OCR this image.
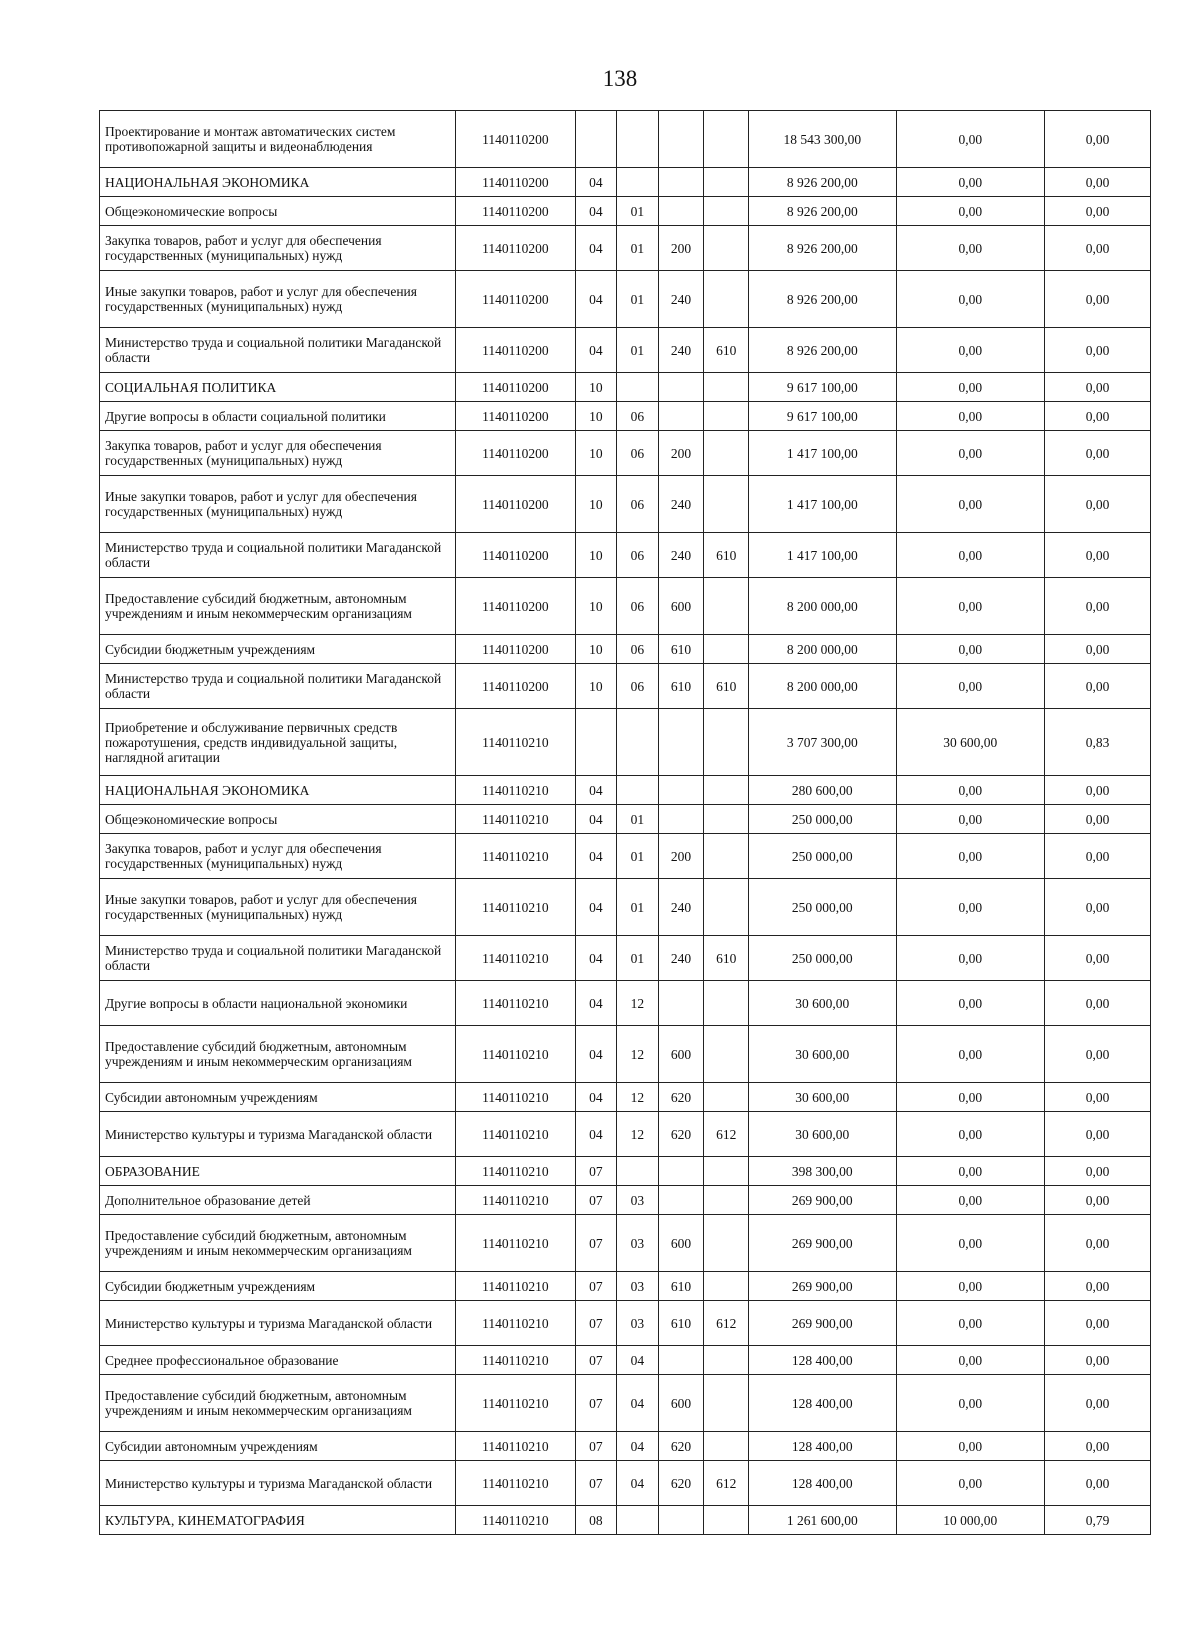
138
Проектирование и монтаж автоматических систем противопожарной защиты и видеонаблюдения	1140110200					18 543 300,00	0,00	0,00
НАЦИОНАЛЬНАЯ ЭКОНОМИКА	1140110200	04				8 926 200,00	0,00	0,00
Общеэкономические вопросы	1140110200	04	01			8 926 200,00	0,00	0,00
Закупка товаров, работ и услуг для обеспечения государственных (муниципальных) нужд	1140110200	04	01	200		8 926 200,00	0,00	0,00
Иные закупки товаров, работ и услуг для обеспечения государственных (муниципальных) нужд	1140110200	04	01	240		8 926 200,00	0,00	0,00
Министерство труда и социальной политики Магаданской области	1140110200	04	01	240	610	8 926 200,00	0,00	0,00
СОЦИАЛЬНАЯ ПОЛИТИКА	1140110200	10				9 617 100,00	0,00	0,00
Другие вопросы в области социальной политики	1140110200	10	06			9 617 100,00	0,00	0,00
Закупка товаров, работ и услуг для обеспечения государственных (муниципальных) нужд	1140110200	10	06	200		1 417 100,00	0,00	0,00
Иные закупки товаров, работ и услуг для обеспечения государственных (муниципальных) нужд	1140110200	10	06	240		1 417 100,00	0,00	0,00
Министерство труда и социальной политики Магаданской области	1140110200	10	06	240	610	1 417 100,00	0,00	0,00
Предоставление субсидий бюджетным, автономным учреждениям и иным некоммерческим организациям	1140110200	10	06	600		8 200 000,00	0,00	0,00
Субсидии бюджетным учреждениям	1140110200	10	06	610		8 200 000,00	0,00	0,00
Министерство труда и социальной политики Магаданской области	1140110200	10	06	610	610	8 200 000,00	0,00	0,00
Приобретение и обслуживание первичных средств пожаротушения, средств индивидуальной защиты, наглядной агитации	1140110210					3 707 300,00	30 600,00	0,83
НАЦИОНАЛЬНАЯ ЭКОНОМИКА	1140110210	04				280 600,00	0,00	0,00
Общеэкономические вопросы	1140110210	04	01			250 000,00	0,00	0,00
Закупка товаров, работ и услуг для обеспечения государственных (муниципальных) нужд	1140110210	04	01	200		250 000,00	0,00	0,00
Иные закупки товаров, работ и услуг для обеспечения государственных (муниципальных) нужд	1140110210	04	01	240		250 000,00	0,00	0,00
Министерство труда и социальной политики Магаданской области	1140110210	04	01	240	610	250 000,00	0,00	0,00
Другие вопросы в области национальной экономики	1140110210	04	12			30 600,00	0,00	0,00
Предоставление субсидий бюджетным, автономным учреждениям и иным некоммерческим организациям	1140110210	04	12	600		30 600,00	0,00	0,00
Субсидии автономным учреждениям	1140110210	04	12	620		30 600,00	0,00	0,00
Министерство культуры и туризма Магаданской области	1140110210	04	12	620	612	30 600,00	0,00	0,00
ОБРАЗОВАНИЕ	1140110210	07				398 300,00	0,00	0,00
Дополнительное образование детей	1140110210	07	03			269 900,00	0,00	0,00
Предоставление субсидий бюджетным, автономным учреждениям и иным некоммерческим организациям	1140110210	07	03	600		269 900,00	0,00	0,00
Субсидии бюджетным учреждениям	1140110210	07	03	610		269 900,00	0,00	0,00
Министерство культуры и туризма Магаданской области	1140110210	07	03	610	612	269 900,00	0,00	0,00
Среднее профессиональное образование	1140110210	07	04			128 400,00	0,00	0,00
Предоставление субсидий бюджетным, автономным учреждениям и иным некоммерческим организациям	1140110210	07	04	600		128 400,00	0,00	0,00
Субсидии автономным учреждениям	1140110210	07	04	620		128 400,00	0,00	0,00
Министерство культуры и туризма Магаданской области	1140110210	07	04	620	612	128 400,00	0,00	0,00
КУЛЬТУРА, КИНЕМАТОГРАФИЯ	1140110210	08				1 261 600,00	10 000,00	0,79
